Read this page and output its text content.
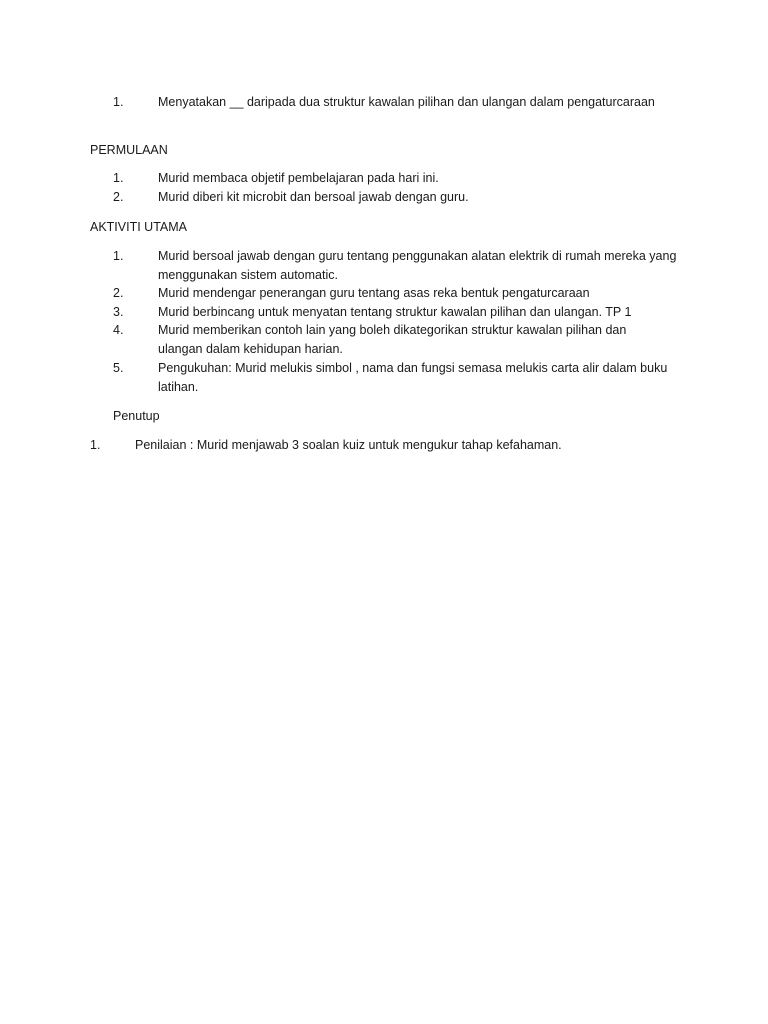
1.	Menyatakan __ daripada dua struktur kawalan pilihan dan ulangan dalam pengaturcaraan
PERMULAAN
1.	Murid membaca objetif pembelajaran pada hari ini.
2.	Murid diberi kit microbit dan bersoal jawab dengan guru.
AKTIVITI UTAMA
1.	Murid bersoal jawab dengan guru tentang penggunakan alatan elektrik di rumah mereka yang menggunakan sistem automatic.
2.	Murid mendengar penerangan guru tentang asas reka bentuk pengaturcaraan
3.	Murid berbincang untuk menyatan tentang struktur kawalan pilihan dan ulangan. TP 1
4.	Murid memberikan contoh lain yang boleh dikategorikan struktur kawalan pilihan dan ulangan dalam kehidupan harian.
5.	Pengukuhan: Murid melukis simbol , nama dan fungsi semasa melukis carta alir dalam buku latihan.
Penutup
1.	Penilaian : Murid menjawab 3 soalan kuiz untuk mengukur tahap kefahaman.
